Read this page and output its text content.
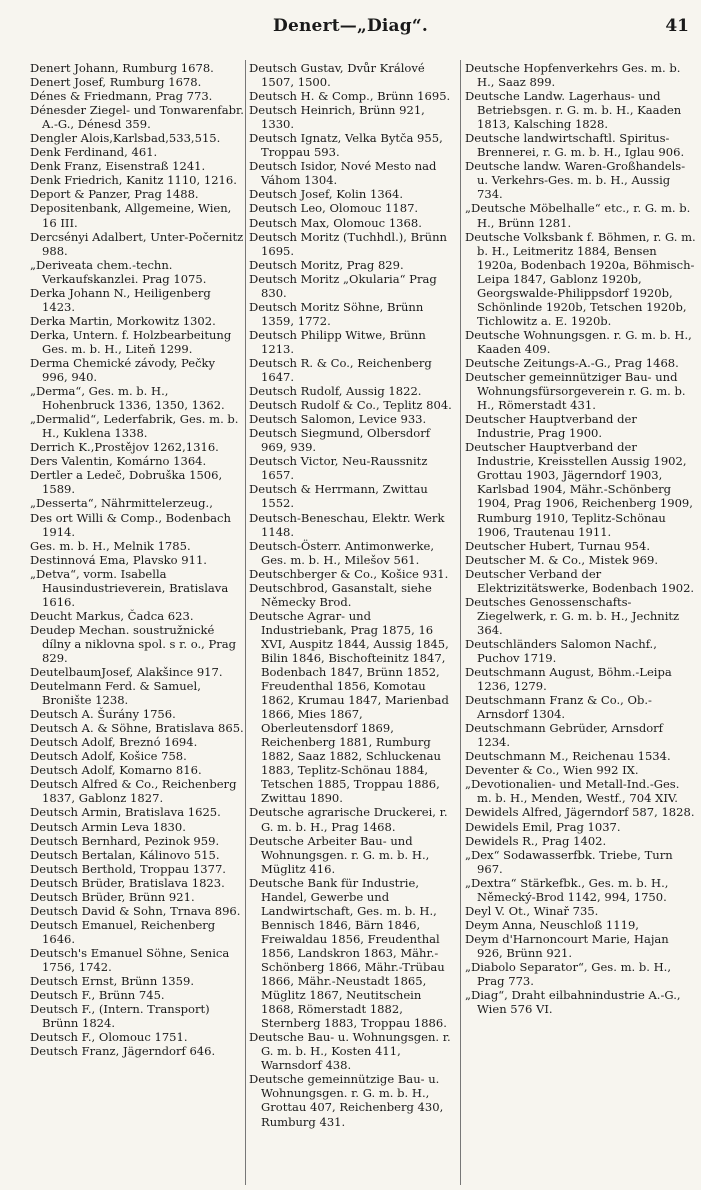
Denert—„Diag“.	41

Denert Johann, Rumburg 1678.

Denert Josef, Rumburg 1678.

Dénes & Friedmann, Prag 773.

Dénesder Ziegel- und Tonwarenfabr. A.-G., Dénesd 359.

Dengler Alois,Karlsbad,533,515.

Denk Ferdinand, 461.

Denk Franz, Eisenstraß 1241.

Denk Friedrich, Kanitz 1110, 1216.

Deport & Panzer, Prag 1488.

Depositenbank, Allgemeine, Wien, 16 III.

Dercsényi Adalbert, Unter-Počernitz 988.

„Deriveata chem.-techn. Verkaufskanzlei. Prag 1075.

Derka Johann N., Heiligenberg 1423.

Derka Martin, Morkowitz 1302.

Derka, Untern. f. Holzbearbeitung Ges. m. b. H., Liteň 1299.

Derma Chemické závody, Pečky 996, 940.

„Derma“, Ges. m. b. H., Hohenbruck 1336, 1350, 1362.

„Dermalid“, Lederfabrik, Ges. m. b. H., Kuklena 1338.

Derrich K.,Prostějov 1262,1316.

Ders Valentin, Komárno 1364.

Dertler a Ledeč, Dobruška 1506, 1589.

„Desserta“, Nährmittelerzeug.,

Des ort Willi & Comp., Bodenbach 1914.

Ges. m. b. H., Melnik 1785.

Destinnová Ema, Plavsko 911.

„Detva“, vorm. Isabella Hausindustrieverein, Bratislava 1616.

Deucht Markus, Čadca 623.

Deudep Mechan. soustružnické dílny a niklovna spol. s r. o., Prag 829.

DeutelbaumJosef, Alakšince 917.

Deutelmann Ferd. & Samuel, Bronište 1238.

Deutsch A. Šurány 1756.

Deutsch A. & Söhne, Bratislava 865.

Deutsch Adolf, Breznó 1694.

Deutsch Adolf, Košice 758.

Deutsch Adolf, Komarno 816.

Deutsch Alfred & Co., Reichenberg 1837, Gablonz 1827.

Deutsch Armin, Bratislava 1625.

Deutsch Armin Leva 1830.

Deutsch Bernhard, Pezinok 959.

Deutsch Bertalan, Kálinovo 515.

Deutsch Berthold, Troppau 1377.

Deutsch Brüder, Bratislava 1823.

Deutsch Brüder, Brünn 921.

Deutsch David & Sohn, Trnava 896.

Deutsch Emanuel, Reichenberg 1646.

Deutsch's Emanuel Söhne, Senica 1756, 1742.

Deutsch Ernst, Brünn 1359.

Deutsch F., Brünn 745.

Deutsch F., (Intern. Transport) Brünn 1824.

Deutsch F., Olomouc 1751.

Deutsch Franz, Jägerndorf 646.

Deutsch Gustav, Dvůr Králové 1507, 1500.

Deutsch H. & Comp., Brünn 1695.

Deutsch Heinrich, Brünn 921, 1330.

Deutsch Ignatz, Velka Bytča 955, Troppau 593.

Deutsch Isidor, Nové Mesto nad Váhom 1304.

Deutsch Josef, Kolin 1364.

Deutsch Leo, Olomouc 1187.

Deutsch Max, Olomouc 1368.

Deutsch Moritz (Tuchhdl.), Brünn 1695.

Deutsch Moritz, Prag 829.

Deutsch Moritz „Okularia“ Prag 830.

Deutsch Moritz Söhne, Brünn 1359, 1772.

Deutsch Philipp Witwe, Brünn 1213.

Deutsch R. & Co., Reichenberg 1647.

Deutsch Rudolf, Aussig 1822.

Deutsch Rudolf & Co., Teplitz 804.

Deutsch Salomon, Levice 933.

Deutsch Siegmund, Olbersdorf 969, 939.

Deutsch Victor, Neu-Raussnitz 1657.

Deutsch & Herrmann, Zwittau 1552.

Deutsch-Beneschau, Elektr. Werk 1148.

Deutsch-Österr. Antimonwerke, Ges. m. b. H., Milešov 561.

Deutschberger & Co., Košice 931.

Deutschbrod, Gasanstalt, siehe Německy Brod.

Deutsche Agrar- und Industriebank, Prag 1875, 16 XVI, Auspitz 1844, Aussig 1845, Bilin 1846, Bischofteinitz 1847, Bodenbach 1847, Brünn 1852, Freudenthal 1856, Komotau 1862, Krumau 1847, Marienbad 1866, Mies 1867, Oberleutensdorf 1869, Reichenberg 1881, Rumburg 1882, Saaz 1882, Schluckenau 1883, Teplitz-Schönau 1884, Tetschen 1885, Troppau 1886, Zwittau 1890.

Deutsche agrarische Druckerei, r. G. m. b. H., Prag 1468.

Deutsche Arbeiter Bau- und Wohnungsgen. r. G. m. b. H., Müglitz 416.

Deutsche Bank für Industrie, Handel, Gewerbe und Landwirtschaft, Ges. m. b. H., Bennisch 1846, Bärn 1846, Freiwaldau 1856, Freudenthal 1856, Landskron 1863, Mähr.-Schönberg 1866, Mähr.-Trübau 1866, Mähr.-Neustadt 1865, Müglitz 1867, Neutitschein 1868, Römerstadt 1882, Sternberg 1883, Troppau 1886.

Deutsche Bau- u. Wohnungsgen. r. G. m. b. H., Kosten 411, Warnsdorf 438.

Deutsche gemeinnützige Bau- u. Wohnungsgen. r. G. m. b. H., Grottau 407, Reichenberg 430, Rumburg 431.

Deutsche Hopfenverkehrs Ges. m. b. H., Saaz 899.

Deutsche Landw. Lagerhaus- und Betriebsgen. r. G. m. b. H., Kaaden 1813, Kalsching 1828.

Deutsche landwirtschaftl. Spiritus-Brennerei, r. G. m. b. H., Iglau 906.

Deutsche landw. Waren-Großhandels- u. Verkehrs-Ges. m. b. H., Aussig 734.

„Deutsche Möbelhalle“ etc., r. G. m. b. H., Brünn 1281.

Deutsche Volksbank f. Böhmen, r. G. m. b. H., Leitmeritz 1884, Bensen 1920a, Bodenbach 1920a, Böhmisch-Leipa 1847, Gablonz 1920b, Georgswalde-Philippsdorf 1920b, Schönlinde 1920b, Tetschen 1920b, Tichlowitz a. E. 1920b.

Deutsche Wohnungsgen. r. G. m. b. H., Kaaden 409.

Deutsche Zeitungs-A.-G., Prag 1468.

Deutscher gemeinnütziger Bau- und Wohnungsfürsorgeverein r. G. m. b. H., Römerstadt 431.

Deutscher Hauptverband der Industrie, Prag 1900.

Deutscher Hauptverband der Industrie, Kreisstellen Aussig 1902, Grottau 1903, Jägerndorf 1903, Karlsbad 1904, Mähr.-Schönberg 1904, Prag 1906, Reichenberg 1909, Rumburg 1910, Teplitz-Schönau 1906, Trautenau 1911.

Deutscher Hubert, Turnau 954.

Deutscher M. & Co., Mistek 969.

Deutscher Verband der Elektrizitätswerke, Bodenbach 1902.

Deutsches Genossenschafts-Ziegelwerk, r. G. m. b. H., Jechnitz 364.

Deutschländers Salomon Nachf., Puchov 1719.

Deutschmann August, Böhm.-Leipa 1236, 1279.

Deutschmann Franz & Co., Ob.-Arnsdorf 1304.

Deutschmann Gebrüder, Arnsdorf 1234.

Deutschmann M., Reichenau 1534.

Deventer & Co., Wien 992 IX.

„Devotionalien- und Metall-Ind.-Ges. m. b. H., Menden, Westf., 704 XIV.

Dewidels Alfred, Jägerndorf 587, 1828.

Dewidels Emil, Prag 1037.

Dewidels R., Prag 1402.

„Dex“ Sodawasserfbk. Triebe, Turn 967.

„Dextra“ Stärkefbk., Ges. m. b. H., Německý-Brod 1142, 994, 1750.

Deyl V. Ot., Winař 735.

Deym Anna, Neuschloß 1119,

Deym d'Harnoncourt Marie, Hajan 926, Brünn 921.

„Diabolo Separator“, Ges. m. b. H., Prag 773.

„Diag“, Draht eilbahnindustrie A.-G., Wien 576 VI.
